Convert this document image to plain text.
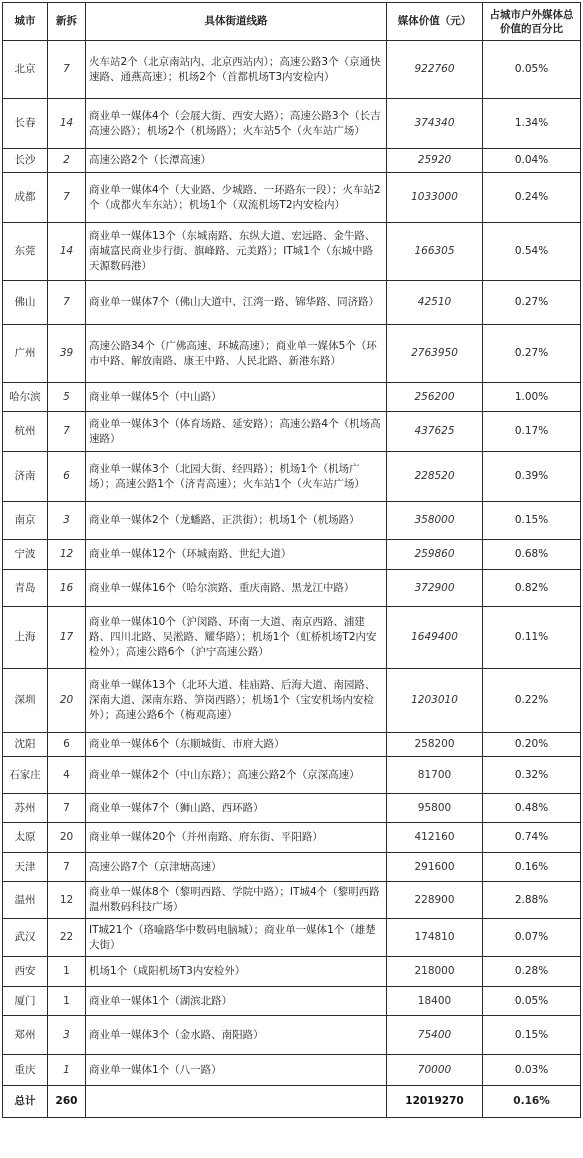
城市	新拆	具体街道线路	媒体价值（元）	占城市户外媒体总价值的百分比
北京	7	火车站2个（北京南站内、北京西站内）；高速公路3个（京通快速路、通燕高速）；机场2个（首都机场T3内安检内）	922760	0.05%
长春	14	商业单一媒体4个（会展大街、西安大路）；高速公路3个（长吉高速公路）；机场2个（机场路）；火车站5个（火车站广场）	374340	1.34%
长沙	2	高速公路2个（长潭高速）	25920	0.04%
成都	7	商业单一媒体4个（大业路、少城路、一环路东一段）；火车站2个（成都火车东站）；机场1个（双流机场T2内安检内）	1033000	0.24%
东莞	14	商业单一媒体13个（东城南路、东纵大道、宏远路、金牛路、南城富民商业步行街、旗峰路、元美路）；IT城1个（东城中路天源数码港）	166305	0.54%
佛山	7	商业单一媒体7个（佛山大道中、江湾一路、锦华路、同济路）	42510	0.27%
广州	39	高速公路34个（广佛高速、环城高速）；商业单一媒体5个（环市中路、解放南路、康王中路、人民北路、新港东路）	2763950	0.27%
哈尔滨	5	商业单一媒体5个（中山路）	256200	1.00%
杭州	7	商业单一媒体3个（体育场路、延安路）；高速公路4个（机场高速路）	437625	0.17%
济南	6	商业单一媒体3个（北园大街、经四路）；机场1个（机场广场）；高速公路1个（济青高速）；火车站1个（火车站广场）	228520	0.39%
南京	3	商业单一媒体2个（龙蟠路、正洪街）；机场1个（机场路）	358000	0.15%
宁波	12	商业单一媒体12个（环城南路、世纪大道）	259860	0.68%
青岛	16	商业单一媒体16个（哈尔滨路、重庆南路、黑龙江中路）	372900	0.82%
上海	17	商业单一媒体10个（沪闵路、环南一大道、南京西路、浦建路、四川北路、吴淞路、耀华路）；机场1个（虹桥机场T2内安检外）；高速公路6个（沪宁高速公路）	1649400	0.11%
深圳	20	商业单一媒体13个（北环大道、桂庙路、后海大道、南园路、深南大道、深南东路、笋岗西路）；机场1个（宝安机场内安检外）；高速公路6个（梅观高速）	1203010	0.22%
沈阳	6	商业单一媒体6个（东顺城街、市府大路）	258200	0.20%
石家庄	4	商业单一媒体2个（中山东路）；高速公路2个（京深高速）	81700	0.32%
苏州	7	商业单一媒体7个（狮山路、西环路）	95800	0.48%
太原	20	商业单一媒体20个（并州南路、府东街、平阳路）	412160	0.74%
天津	7	高速公路7个（京津塘高速）	291600	0.16%
温州	12	商业单一媒体8个（黎明西路、学院中路）；IT城4个（黎明西路温州数码科技广场）	228900	2.88%
武汉	22	IT城21个（珞喻路华中数码电脑城）；商业单一媒体1个（雄楚大街）	174810	0.07%
西安	1	机场1个（咸阳机场T3内安检外）	218000	0.28%
厦门	1	商业单一媒体1个（湖滨北路）	18400	0.05%
郑州	3	商业单一媒体3个（金水路、南阳路）	75400	0.15%
重庆	1	商业单一媒体1个（八一路）	70000	0.03%
总计	260		12019270	0.16%
